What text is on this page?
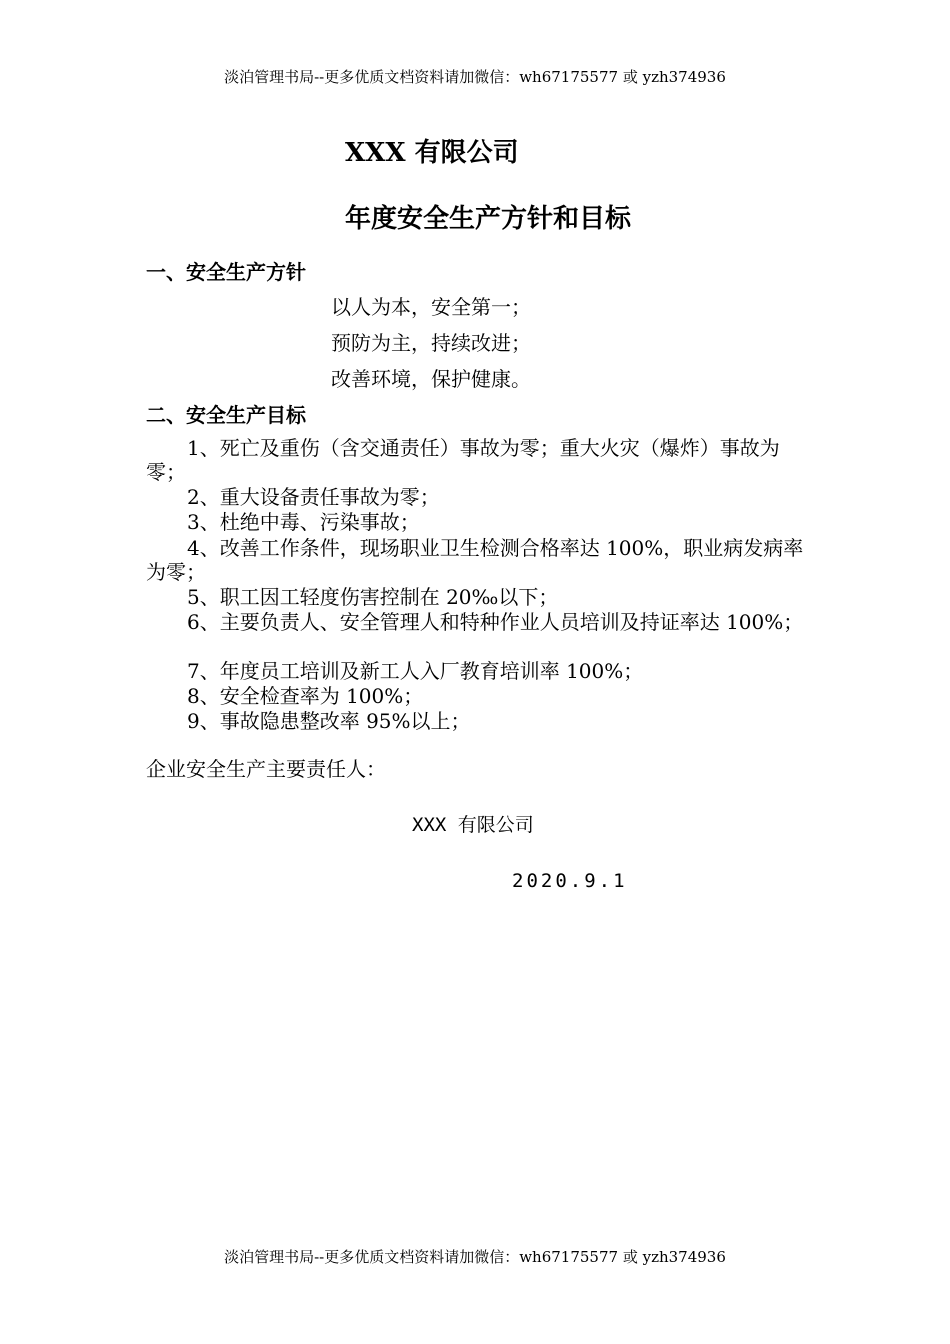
淡泊管理书局--更多优质文档资料请加微信：wh67175577 或 yzh374936
XXX 有限公司
年度安全生产方针和目标
一、安全生产方针
以人为本，安全第一；
预防为主，持续改进；
改善环境，保护健康。
二、安全生产目标
1、死亡及重伤（含交通责任）事故为零；重大火灾（爆炸）事故为零；
2、重大设备责任事故为零；
3、杜绝中毒、污染事故；
4、改善工作条件，现场职业卫生检测合格率达 100%，职业病发病率为零；
5、职工因工轻度伤害控制在 20‰以下；
6、主要负责人、安全管理人和特种作业人员培训及持证率达 100%；
7、年度员工培训及新工人入厂教育培训率 100%；
8、安全检查率为 100%；
9、事故隐患整改率 95%以上；
企业安全生产主要责任人：
XXX 有限公司
2020.9.1
淡泊管理书局--更多优质文档资料请加微信：wh67175577 或 yzh374936
